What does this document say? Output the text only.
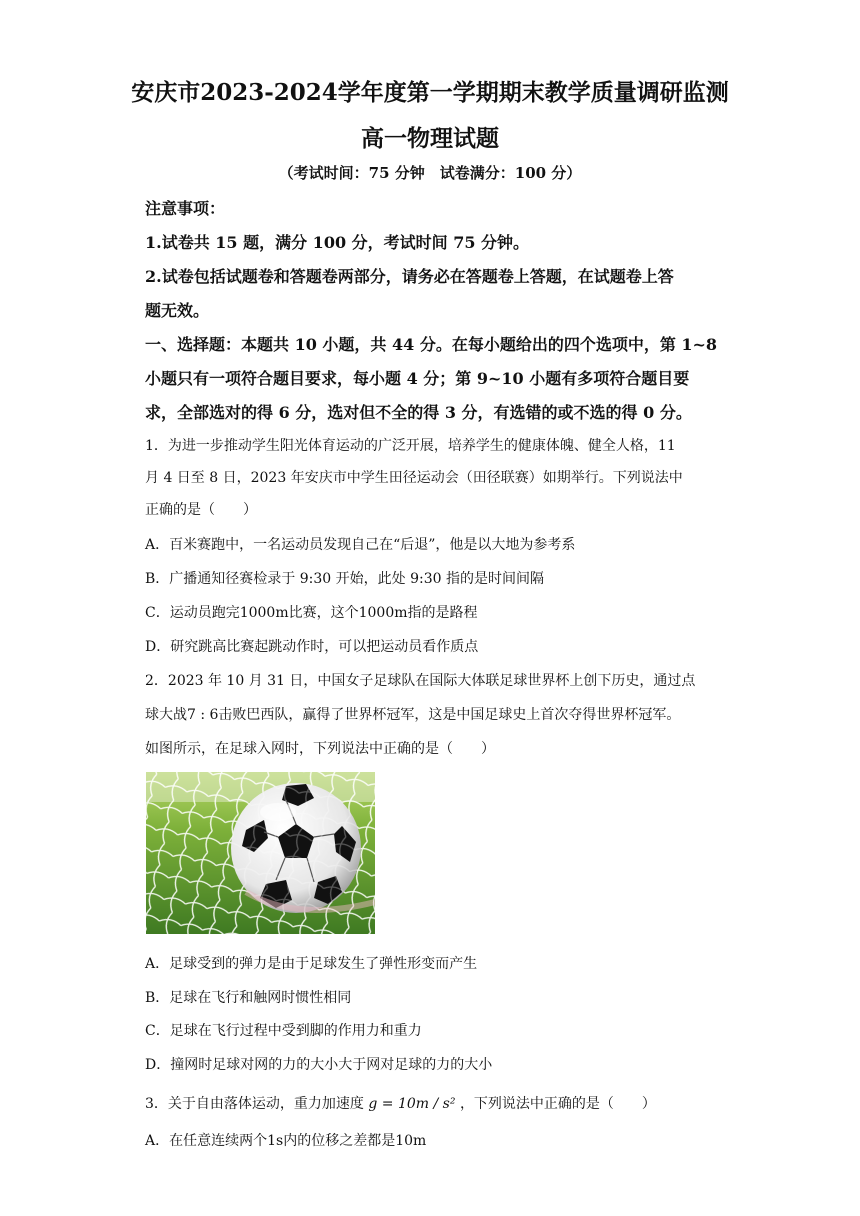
安庆市2023-2024学年度第一学期期末教学质量调研监测
高一物理试题
（考试时间：75 分钟　试卷满分：100 分）
注意事项：
1.试卷共 15 题，满分 100 分，考试时间 75 分钟。
2.试卷包括试题卷和答题卷两部分，请务必在答题卷上答题，在试题卷上答
题无效。
一、选择题：本题共 10 小题，共 44 分。在每小题给出的四个选项中，第 1~8
小题只有一项符合题目要求，每小题 4 分；第 9~10 小题有多项符合题目要
求，全部选对的得 6 分，选对但不全的得 3 分，有选错的或不选的得 0 分。
1．为进一步推动学生阳光体育运动的广泛开展，培养学生的健康体魄、健全人格，11
月 4 日至 8 日，2023 年安庆市中学生田径运动会（田径联赛）如期举行。下列说法中
正确的是（　　）
A．百米赛跑中，一名运动员发现自己在“后退”，他是以大地为参考系
B．广播通知径赛检录于 9:30 开始，此处 9:30 指的是时间间隔
C．运动员跑完1000m比赛，这个1000m指的是路程
D．研究跳高比赛起跳动作时，可以把运动员看作质点
2．2023 年 10 月 31 日，中国女子足球队在国际大体联足球世界杯上创下历史，通过点
球大战7 : 6击败巴西队，赢得了世界杯冠军，这是中国足球史上首次夺得世界杯冠军。
如图所示，在足球入网时，下列说法中正确的是（　　）
A．足球受到的弹力是由于足球发生了弹性形变而产生
B．足球在飞行和触网时惯性相同
C．足球在飞行过程中受到脚的作用力和重力
D．撞网时足球对网的力的大小大于网对足球的力的大小
3．关于自由落体运动，重力加速度 g = 10m / s² ，下列说法中正确的是（　　）
A．在任意连续两个1s内的位移之差都是10m
